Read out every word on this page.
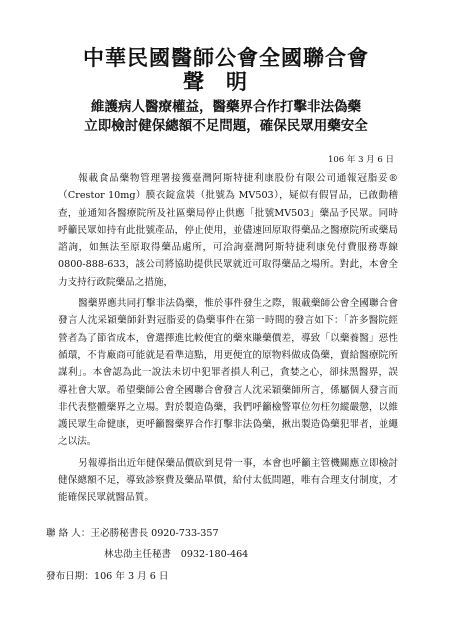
中華民國醫師公會全國聯合會
聲明
維護病人醫療權益，醫藥界合作打擊非法偽藥
立即檢討健保總額不足問題，確保民眾用藥安全
106 年 3 月 6 日

報載食品藥物管理署接獲臺灣阿斯特捷利康股份有限公司通報冠脂妥®（Crestor 10mg）膜衣錠盒裝（批號為 MV503），疑似有假冒品，已啟動稽查，並通知各醫療院所及社區藥局停止供應「批號MV503」藥品予民眾。同時呼籲民眾如持有此批號產品，停止使用，並儘速回原取得藥品之醫療院所或藥局諮詢，如無法至原取得藥品處所，可洽詢臺灣阿斯特捷利康免付費服務專線0800-888-633，該公司將協助提供民眾就近可取得藥品之場所。對此，本會全力支持行政院藥品之措施，

醫藥界應共同打擊非法偽藥，惟於事件發生之際，報載藥師公會全國聯合會發言人沈采穎藥師針對冠脂妥的偽藥事件在第一時間的發言如下：「許多醫院經營者為了節省成本，會選擇進比較便宜的藥來賺藥價差，導致「以藥養醫」惡性循環，不肯廠商可能就是看準這點，用更便宜的原物料做成偽藥，賣給醫療院所謀利」。本會認為此一說法未切中犯罪者損人利己，貪婪之心，卻抹黑醫界，誤導社會大眾。希望藥師公會全國聯合會發言人沈采穎藥師所言，係屬個人發言而非代表整體藥界之立場。對於製造偽藥，我們呼籲檢警單位勿枉勿縱嚴懲，以維護民眾生命健康，更呼籲醫藥界合作打擊非法偽藥，揪出製造偽藥犯罪者，並繩之以法。

另報導指出近年健保藥品價砍到見骨一事，本會也呼籲主管機關應立即檢討健保總額不足，導致診察費及藥品單價，給付太低問題，唯有合理支付制度，才能確保民眾就醫品質。

聯 絡 人：王必勝秘書長 0920-733-357
林忠劭主任秘書　0932-180-464
發布日期：106 年 3 月 6 日
